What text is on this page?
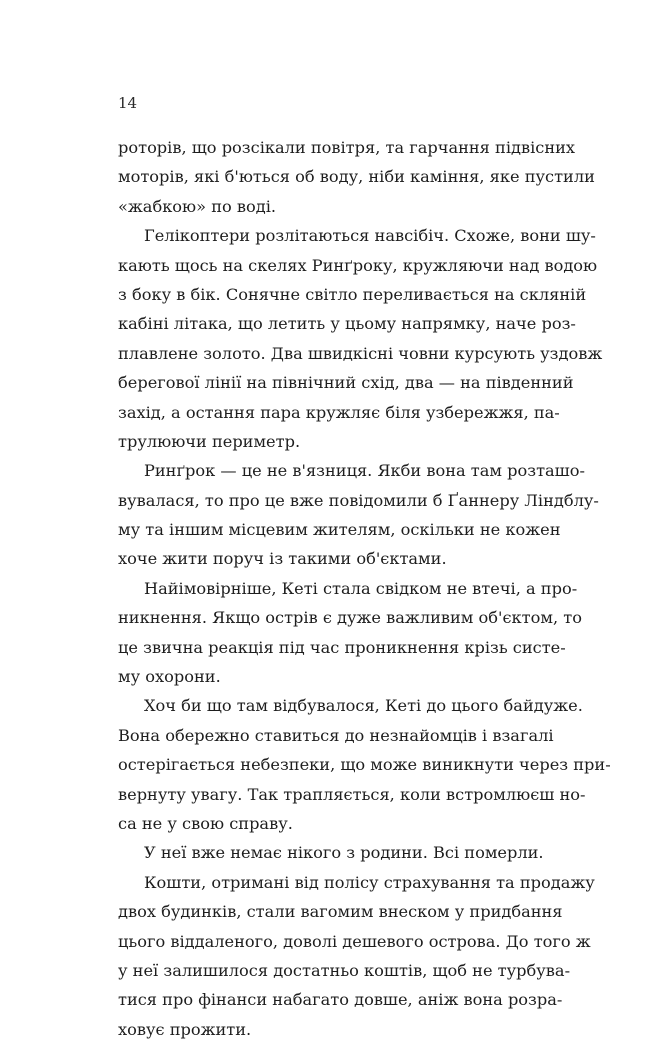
14
роторів, що розсікали повітря, та гарчання підвісних
моторів, які б'ються об воду, ніби каміння, яке пустили
«жабкою» по воді.
Гелікоптери розлітаються навсібіч. Схоже, вони шу-
кають щось на скелях Ринґроку, кружляючи над водою
з боку в бік. Сонячне світло переливається на скляній
кабіні літака, що летить у цьому напрямку, наче роз-
плавлене золото. Два швидкісні човни курсують уздовж
берегової лінії на північний схід, два — на південний
захід, а остання пара кружляє біля узбережжя, па-
трулюючи периметр.
Ринґрок — це не в'язниця. Якби вона там розташо-
вувалася, то про це вже повідомили б Ґаннеру Ліндблу-
му та іншим місцевим жителям, оскільки не кожен
хоче жити поруч із такими об'єктами.
Найімовірніше, Кеті стала свідком не втечі, а про-
никнення. Якщо острів є дуже важливим об'єктом, то
це звична реакція під час проникнення крізь систе-
му охорони.
Хоч би що там відбувалося, Кеті до цього байдуже.
Вона обережно ставиться до незнайомців і взагалі
остерігається небезпеки, що може виникнути через при-
вернуту увагу. Так трапляється, коли встромлюєш но-
са не у свою справу.
У неї вже немає нікого з родини. Всі померли.
Кошти, отримані від полісу страхування та продажу
двох будинків, стали вагомим внеском у придбання
цього віддаленого, доволі дешевого острова. До того ж
у неї залишилося достатньо коштів, щоб не турбува-
тися про фінанси набагато довше, аніж вона розра-
ховує прожити.
